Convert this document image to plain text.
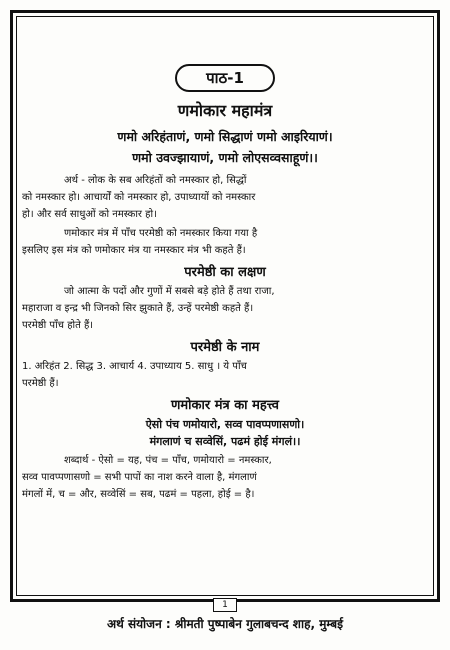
पाठ-1
णमोकार महामंत्र
णमो अरिहंताणं, णमो सिद्धाणं णमो आइरियाणं।
णमो उवज्झायाणं, णमो लोएसव्वसाहूणं।।

अर्थ - लोक के सब अरिहंतों को नमस्कार हो, सिद्धों

को नमस्कार हो। आचार्यों को नमस्कार हो, उपाध्यायों को नमस्कार

हो। और सर्व साधुओं को नमस्कार हो।

णमोकार मंत्र में पाँच परमेष्ठी को नमस्कार किया गया है

इसलिए इस मंत्र को णमोकार मंत्र या नमस्कार मंत्र भी कहते हैं।

परमेष्ठी का लक्षण

जो आत्मा के पदों और गुणों में सबसे बड़े होते हैं तथा राजा,

महाराजा व इन्द्र भी जिनको सिर झुकाते हैं, उन्हें परमेष्ठी कहते हैं।

परमेष्ठी पाँच होते हैं।

परमेष्ठी के नाम

1. अरिहंत 2. सिद्ध 3. आचार्य 4. उपाध्याय 5. साधु । ये पाँच

परमेष्ठी हैं।

णमोकार मंत्र का महत्त्व
ऐसो पंच णमोयारो, सव्व पावप्पणासणो।
मंगलाणं च सव्वेसिं, पढमं होई मंगलं।।

शब्दार्थ - ऐसो = यह, पंच = पाँच, णमोयारो = नमस्कार,

सव्व पावप्पणासणो = सभी पापों का नाश करने वाला है, मंगलाणं

मंगलों में, च = और, सव्वेसिं = सब, पढमं = पहला, होई = है।

1
अर्थ संयोजन : श्रीमती पुष्पाबेन गुलाबचन्द शाह, मुम्बई
